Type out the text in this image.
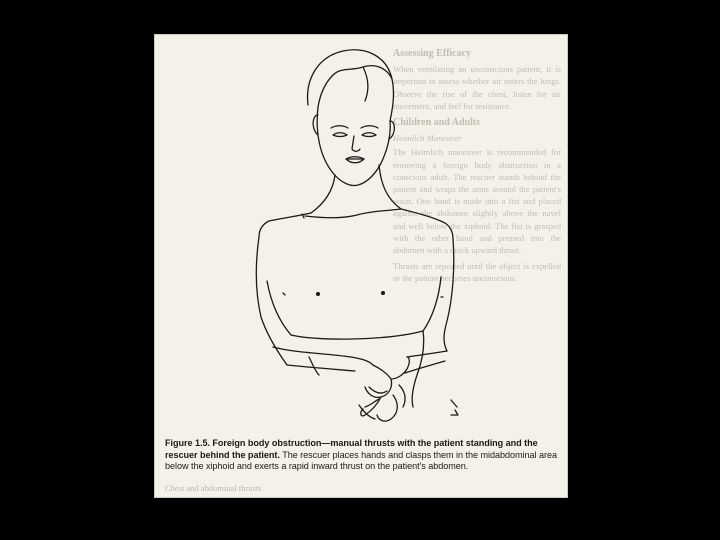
Assessing Efficacy

When ventilating an unconscious patient, it is important to assess whether air enters the lungs. Observe the rise of the chest, listen for air movement, and feel for resistance.

Children and Adults
Heimlich Maneuver

The Heimlich maneuver is recommended for removing a foreign body obstruction in a conscious adult. The rescuer stands behind the patient and wraps the arms around the patient's waist. One hand is made into a fist and placed against the abdomen slightly above the navel and well below the xiphoid. The fist is grasped with the other hand and pressed into the abdomen with a quick upward thrust.

Thrusts are repeated until the object is expelled or the patient becomes unconscious.

Figure 1.5. Foreign body obstruction—manual thrusts with the patient standing and the rescuer behind the patient. The rescuer places hands and clasps them in the midabdominal area below the xiphoid and exerts a rapid inward thrust on the patient's abdomen.
Chest and abdominal thrusts
